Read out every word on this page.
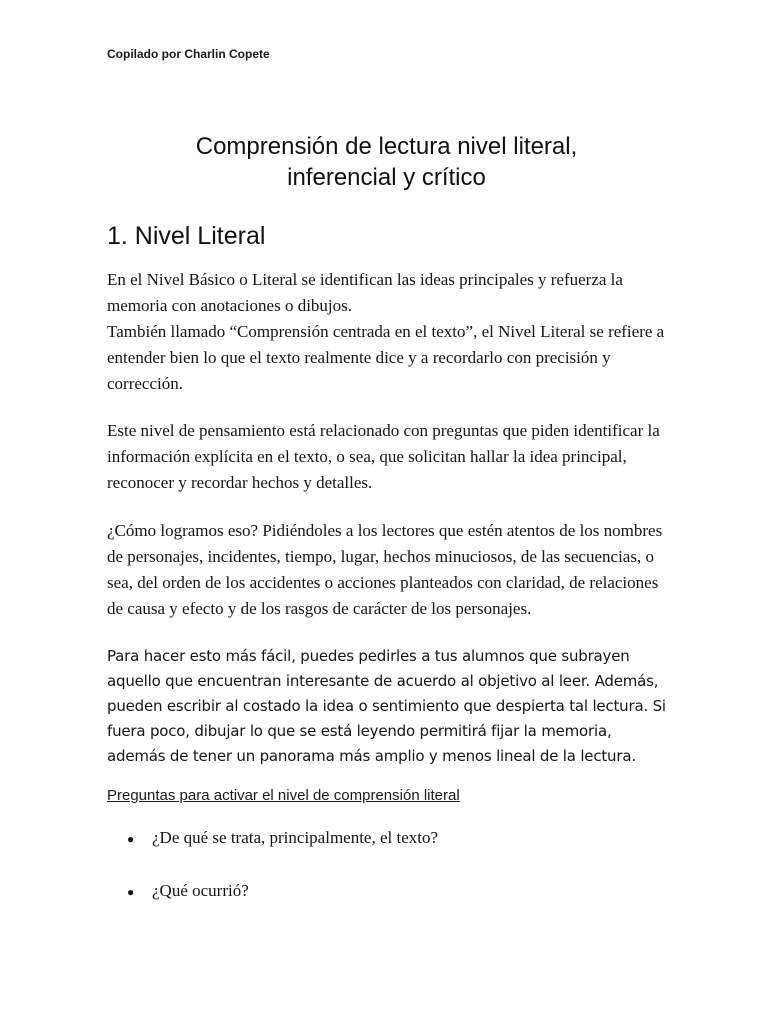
Copilado por Charlin Copete

Comprensión de lectura nivel literal,
inferencial y crítico
1. Nivel Literal

En el Nivel Básico o Literal se identifican las ideas principales y refuerza la memoria con anotaciones o dibujos.

También llamado “Comprensión centrada en el texto”, el Nivel Literal se refiere a entender bien lo que el texto realmente dice y a recordarlo con precisión y corrección.

Este nivel de pensamiento está relacionado con preguntas que piden identificar la información explícita en el texto, o sea, que solicitan hallar la idea principal, reconocer y recordar hechos y detalles.

¿Cómo logramos eso? Pidiéndoles a los lectores que estén atentos de los nombres de personajes, incidentes, tiempo, lugar, hechos minuciosos, de las secuencias, o sea, del orden de los accidentes o acciones planteados con claridad, de relaciones de causa y efecto y de los rasgos de carácter de los personajes.

Para hacer esto más fácil, puedes pedirles a tus alumnos que subrayen aquello que encuentran interesante de acuerdo al objetivo al leer. Además, pueden escribir al costado la idea o sentimiento que despierta tal lectura. Si fuera poco, dibujar lo que se está leyendo permitirá fijar la memoria, además de tener un panorama más amplio y menos lineal de la lectura.

Preguntas para activar el nivel de comprensión literal
●	¿De qué se trata, principalmente, el texto?
●	¿Qué ocurrió?
